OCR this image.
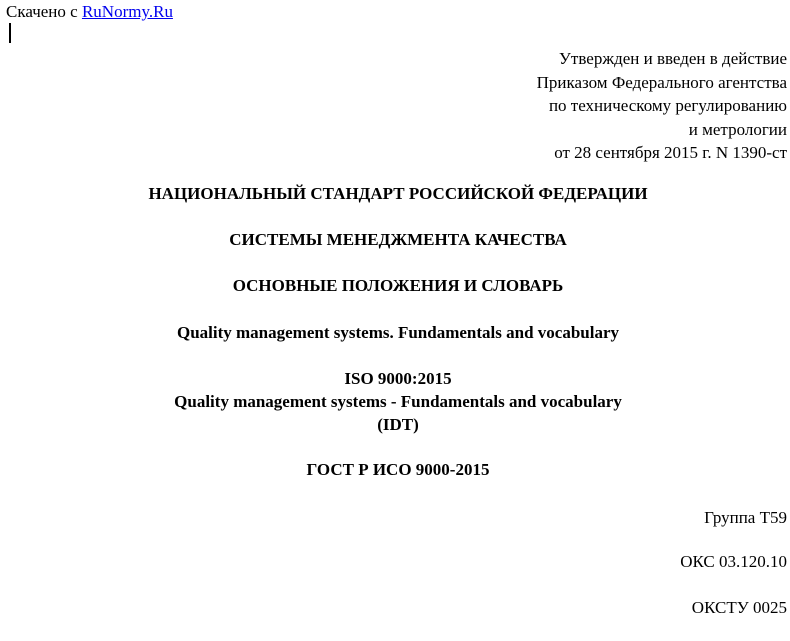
Скачено с RuNormy.Ru
Утвержден и введен в действие
Приказом Федерального агентства
по техническому регулированию
и метрологии
от 28 сентября 2015 г. N 1390-ст
НАЦИОНАЛЬНЫЙ СТАНДАРТ РОССИЙСКОЙ ФЕДЕРАЦИИ
СИСТЕМЫ МЕНЕДЖМЕНТА КАЧЕСТВА
ОСНОВНЫЕ ПОЛОЖЕНИЯ И СЛОВАРЬ
Quality management systems. Fundamentals and vocabulary
ISO 9000:2015
Quality management systems - Fundamentals and vocabulary
(IDT)
ГОСТ Р ИСО 9000-2015
Группа Т59
ОКС 03.120.10
ОКСТУ 0025
